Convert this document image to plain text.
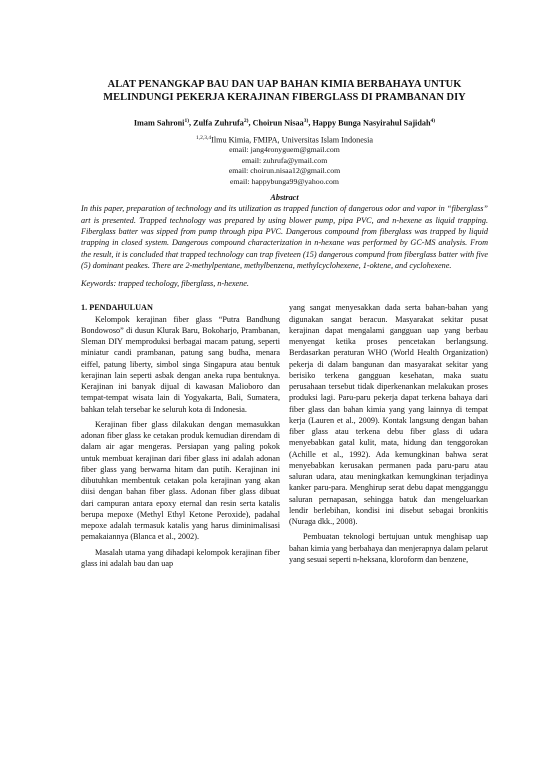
ALAT PENANGKAP BAU DAN UAP BAHAN KIMIA BERBAHAYA UNTUK
MELINDUNGI PEKERJA KERAJINAN FIBERGLASS DI PRAMBANAN DIY

Imam Sahroni$^{1)}$, Zulfa Zuhrufa$^{2)}$, Choirun Nisaa$^{3)}$, Happy Bunga Nasyirahul Sajidah$^{4)}$
$^{1,2,3,4}$Ilmu Kimia, FMIPA, Universitas Islam Indonesia
email: jang4ronyguem@gmail.com
email: zuhrufa@ymail.com
email: choirun.nisaa12@gmail.com
email: happybunga99@yahoo.com
Abstract
In this paper, preparation of technology and its utilization as trapped function of dangerous odor and vapor in “fiberglass” art is presented. Trapped technology was prepared by using blower pump, pipa PVC, and n-hexene as liquid trapping. Fiberglass batter was sipped from pump through pipa PVC. Dangerous compound from fiberglass was trapped by liquid trapping in closed system. Dangerous compound characterization in n-hexane was performed by GC-MS analysis. From the result, it is concluded that trapped technology can trap fiveteen (15) dangerous compund from fiberglass batter with five (5) dominant peakes. There are 2-methylpentane, methylbenzena, methylcyclohexene, 1-oktene, and cyclohexene.
Keywords: trapped techology, fiberglass, n-hexene.
1. PENDAHULUAN

Kelompok kerajinan fiber glass “Putra Bandhung Bondowoso” di dusun Klurak Baru, Bokoharjo, Prambanan, Sleman DIY memproduksi berbagai macam patung, seperti miniatur candi prambanan, patung sang budha, menara eiffel, patung liberty, simbol singa Singapura atau bentuk kerajinan lain seperti asbak dengan aneka rupa bentuknya. Kerajinan ini banyak dijual di kawasan Malioboro dan tempat-tempat wisata lain di Yogyakarta, Bali, Sumatera, bahkan telah tersebar ke seluruh kota di Indonesia.

Kerajinan fiber glass dilakukan dengan memasukkan adonan fiber glass ke cetakan produk kemudian direndam di dalam air agar mengeras. Persiapan yang paling pokok untuk membuat kerajinan dari fiber glass ini adalah adonan fiber glass yang berwarna hitam dan putih. Kerajinan ini dibutuhkan membentuk cetakan pola kerajinan yang akan diisi dengan bahan fiber glass. Adonan fiber glass dibuat dari campuran antara epoxy eternal dan resin serta katalis berupa mepoxe (Methyl Ethyl Ketone Peroxide), padahal mepoxe adalah termasuk katalis yang harus diminimalisasi pemakaiannya (Blanca et al., 2002).

Masalah utama yang dihadapi kelompok kerajinan fiber glass ini adalah bau dan uap

yang sangat menyesakkan dada serta bahan-bahan yang digunakan sangat beracun. Masyarakat sekitar pusat kerajinan dapat mengalami gangguan uap yang berbau menyengat ketika proses pencetakan berlangsung. Berdasarkan peraturan WHO (World Health Organization) pekerja di dalam bangunan dan masyarakat sekitar yang berisiko terkena gangguan kesehatan, maka suatu perusahaan tersebut tidak diperkenankan melakukan proses produksi lagi. Paru-paru pekerja dapat terkena bahaya dari fiber glass dan bahan kimia yang yang lainnya di tempat kerja (Lauren et al., 2009). Kontak langsung dengan bahan fiber glass atau terkena debu fiber glass di udara menyebabkan gatal kulit, mata, hidung dan tenggorokan (Achille et al., 1992). Ada kemungkinan bahwa serat menyebabkan kerusakan permanen pada paru-paru atau saluran udara, atau meningkatkan kemungkinan terjadinya kanker paru-para. Menghirup serat debu dapat mengganggu saluran pernapasan, sehingga batuk dan mengeluarkan lendir berlebihan, kondisi ini disebut sebagai bronkitis (Nuraga dkk., 2008).

Pembuatan teknologi bertujuan untuk menghisap uap bahan kimia yang berbahaya dan menjerapnya dalam pelarut yang sesuai seperti n-heksana, kloroform dan benzene,
